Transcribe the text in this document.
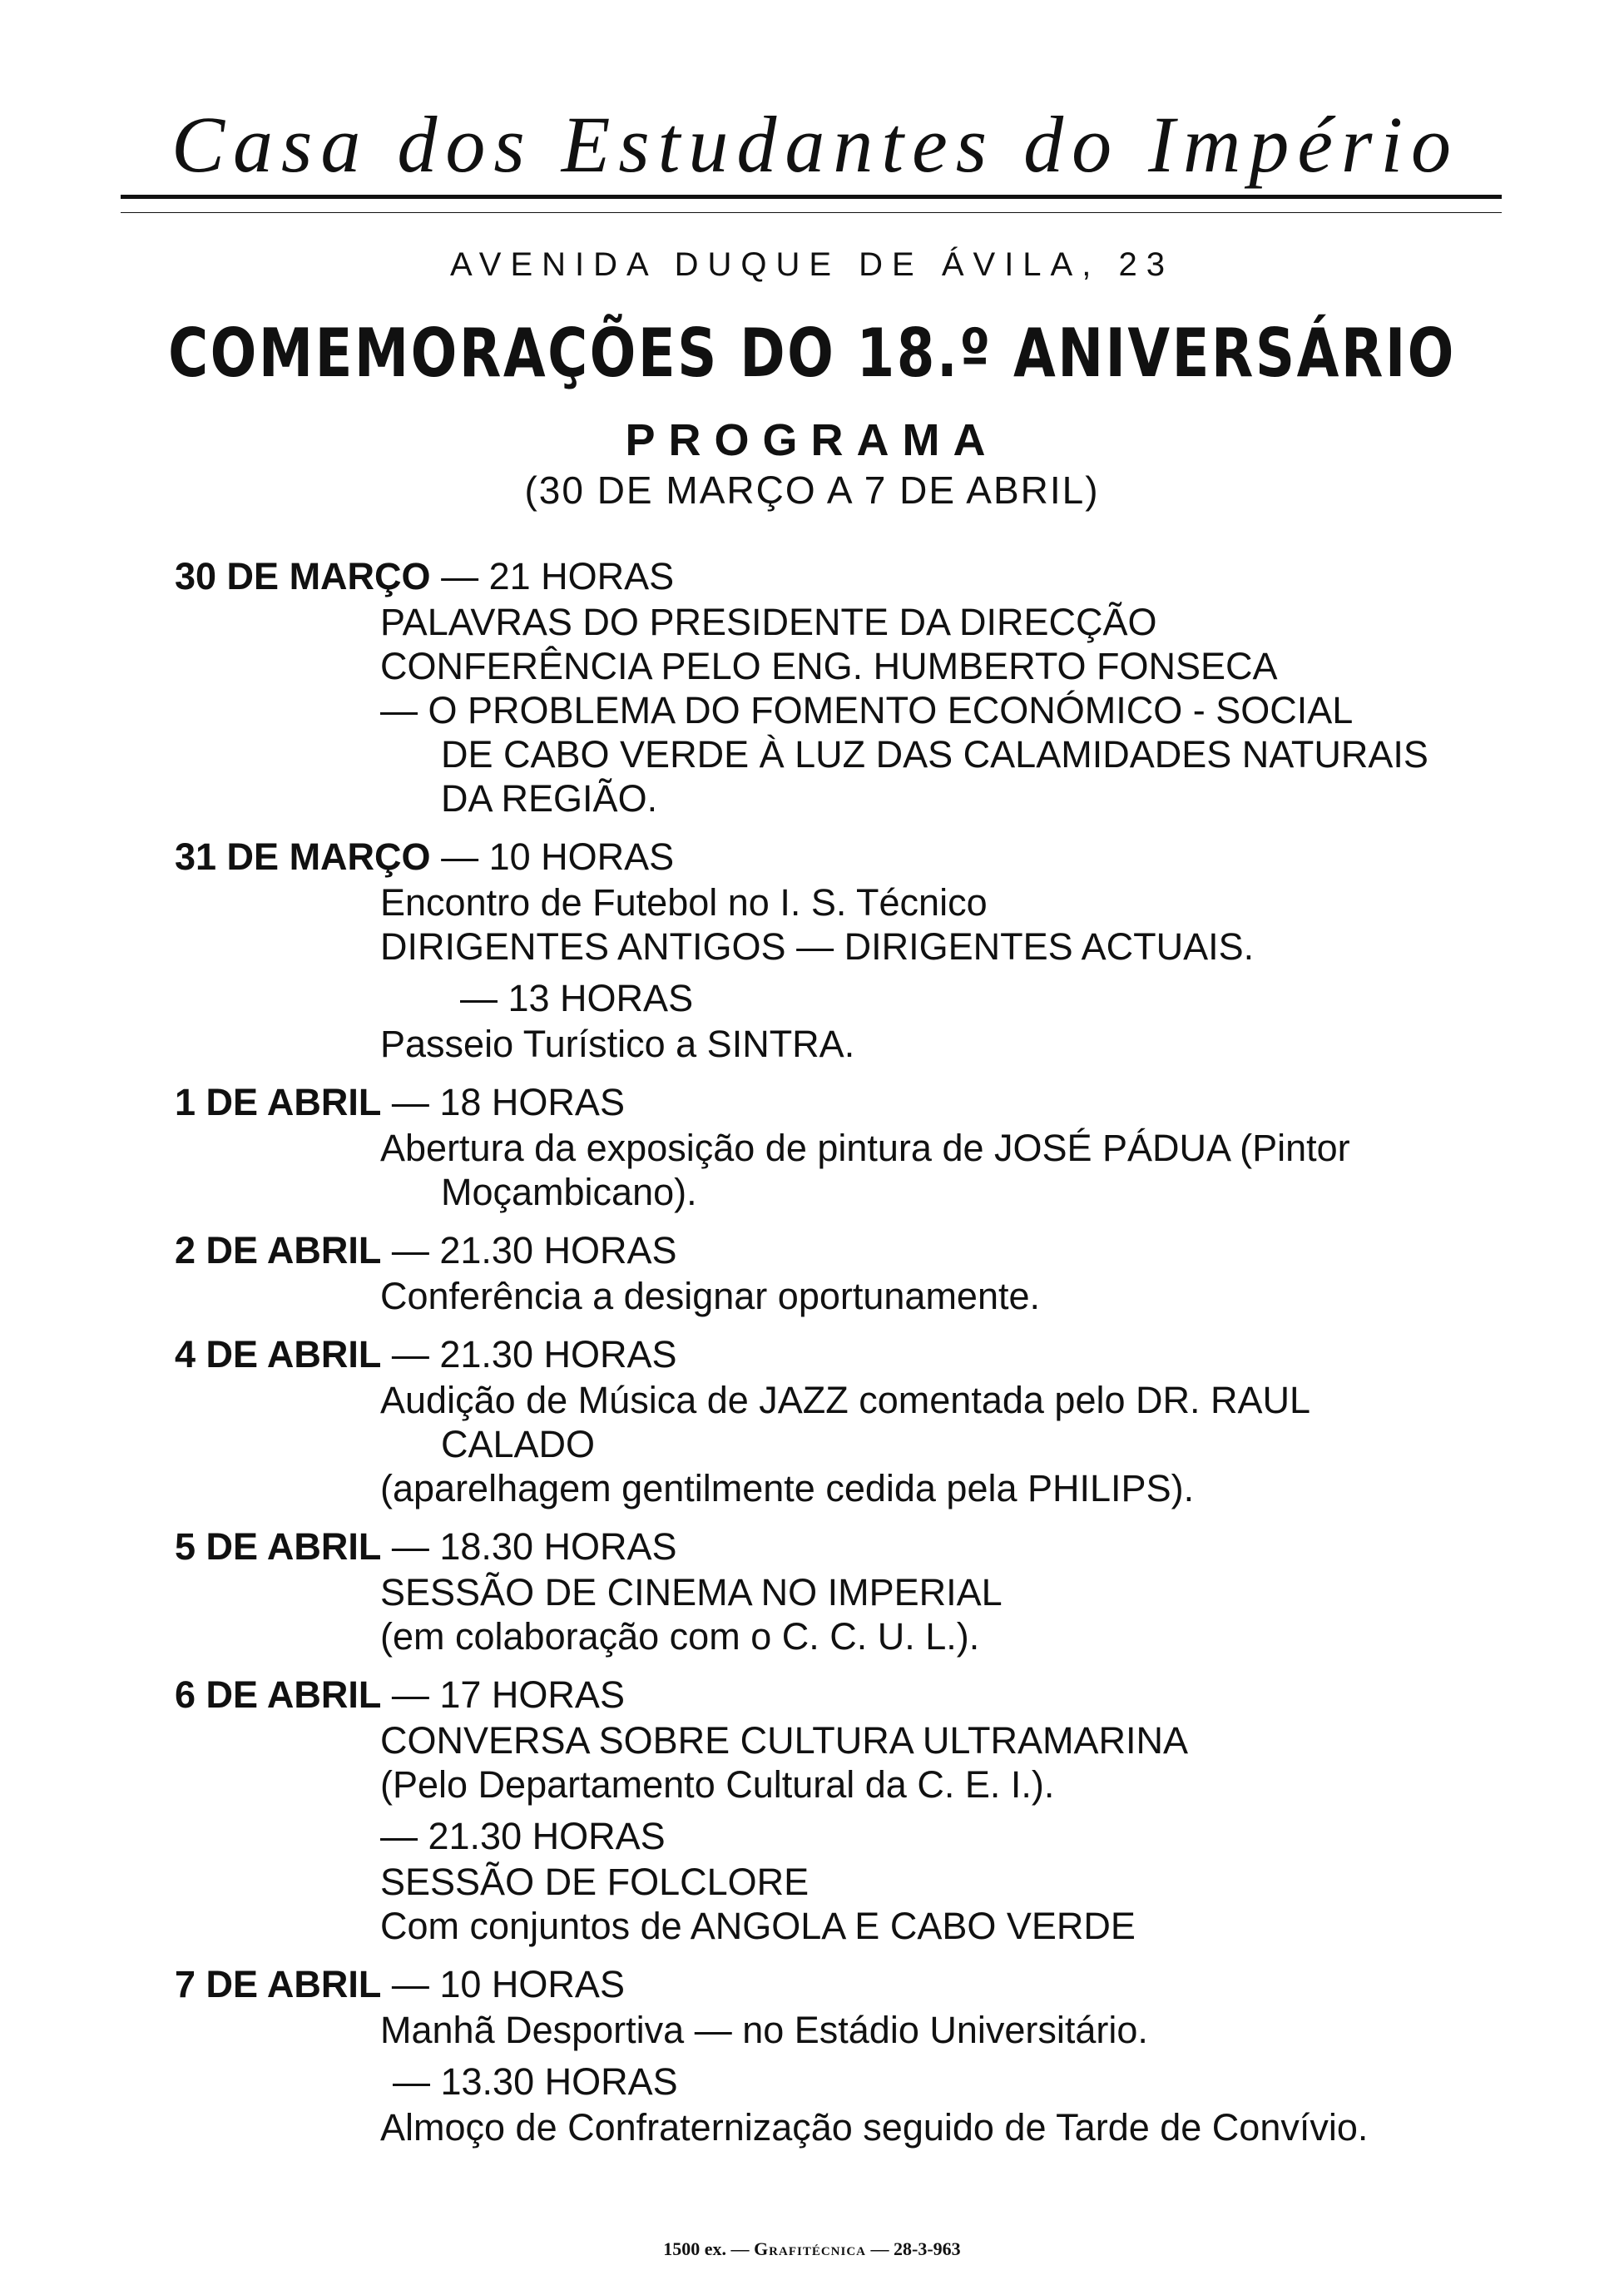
Casa dos Estudantes do Império
AVENIDA DUQUE DE ÁVILA, 23
COMEMORAÇÕES DO 18.º ANIVERSÁRIO
PROGRAMA
(30 DE MARÇO A 7 DE ABRIL)
30 DE MARÇO — 21 HORAS
PALAVRAS DO PRESIDENTE DA DIRECÇÃO
CONFERÊNCIA PELO ENG. HUMBERTO FONSECA
— O PROBLEMA DO FOMENTO ECONÓMICO - SOCIAL
DE CABO VERDE À LUZ DAS CALAMIDADES NATURAIS
DA REGIÃO.
31 DE MARÇO — 10 HORAS
Encontro de Futebol no I. S. Técnico
DIRIGENTES ANTIGOS — DIRIGENTES ACTUAIS.
— 13 HORAS
Passeio Turístico a SINTRA.
1 DE ABRIL — 18 HORAS
Abertura da exposição de pintura de JOSÉ PÁDUA (Pintor
Moçambicano).
2 DE ABRIL — 21.30 HORAS
Conferência a designar oportunamente.
4 DE ABRIL — 21.30 HORAS
Audição de Música de JAZZ comentada pelo DR. RAUL
CALADO
(aparelhagem gentilmente cedida pela PHILIPS).
5 DE ABRIL — 18.30 HORAS
SESSÃO DE CINEMA NO IMPERIAL
(em colaboração com o C. C. U. L.).
6 DE ABRIL — 17 HORAS
CONVERSA SOBRE CULTURA ULTRAMARINA
(Pelo Departamento Cultural da C. E. I.).
— 21.30 HORAS
SESSÃO DE FOLCLORE
Com conjuntos de ANGOLA E CABO VERDE
7 DE ABRIL — 10 HORAS
Manhã Desportiva — no Estádio Universitário.
— 13.30 HORAS
Almoço de Confraternização seguido de Tarde de Convívio.
1500 ex. — Grafitécnica — 28-3-963
